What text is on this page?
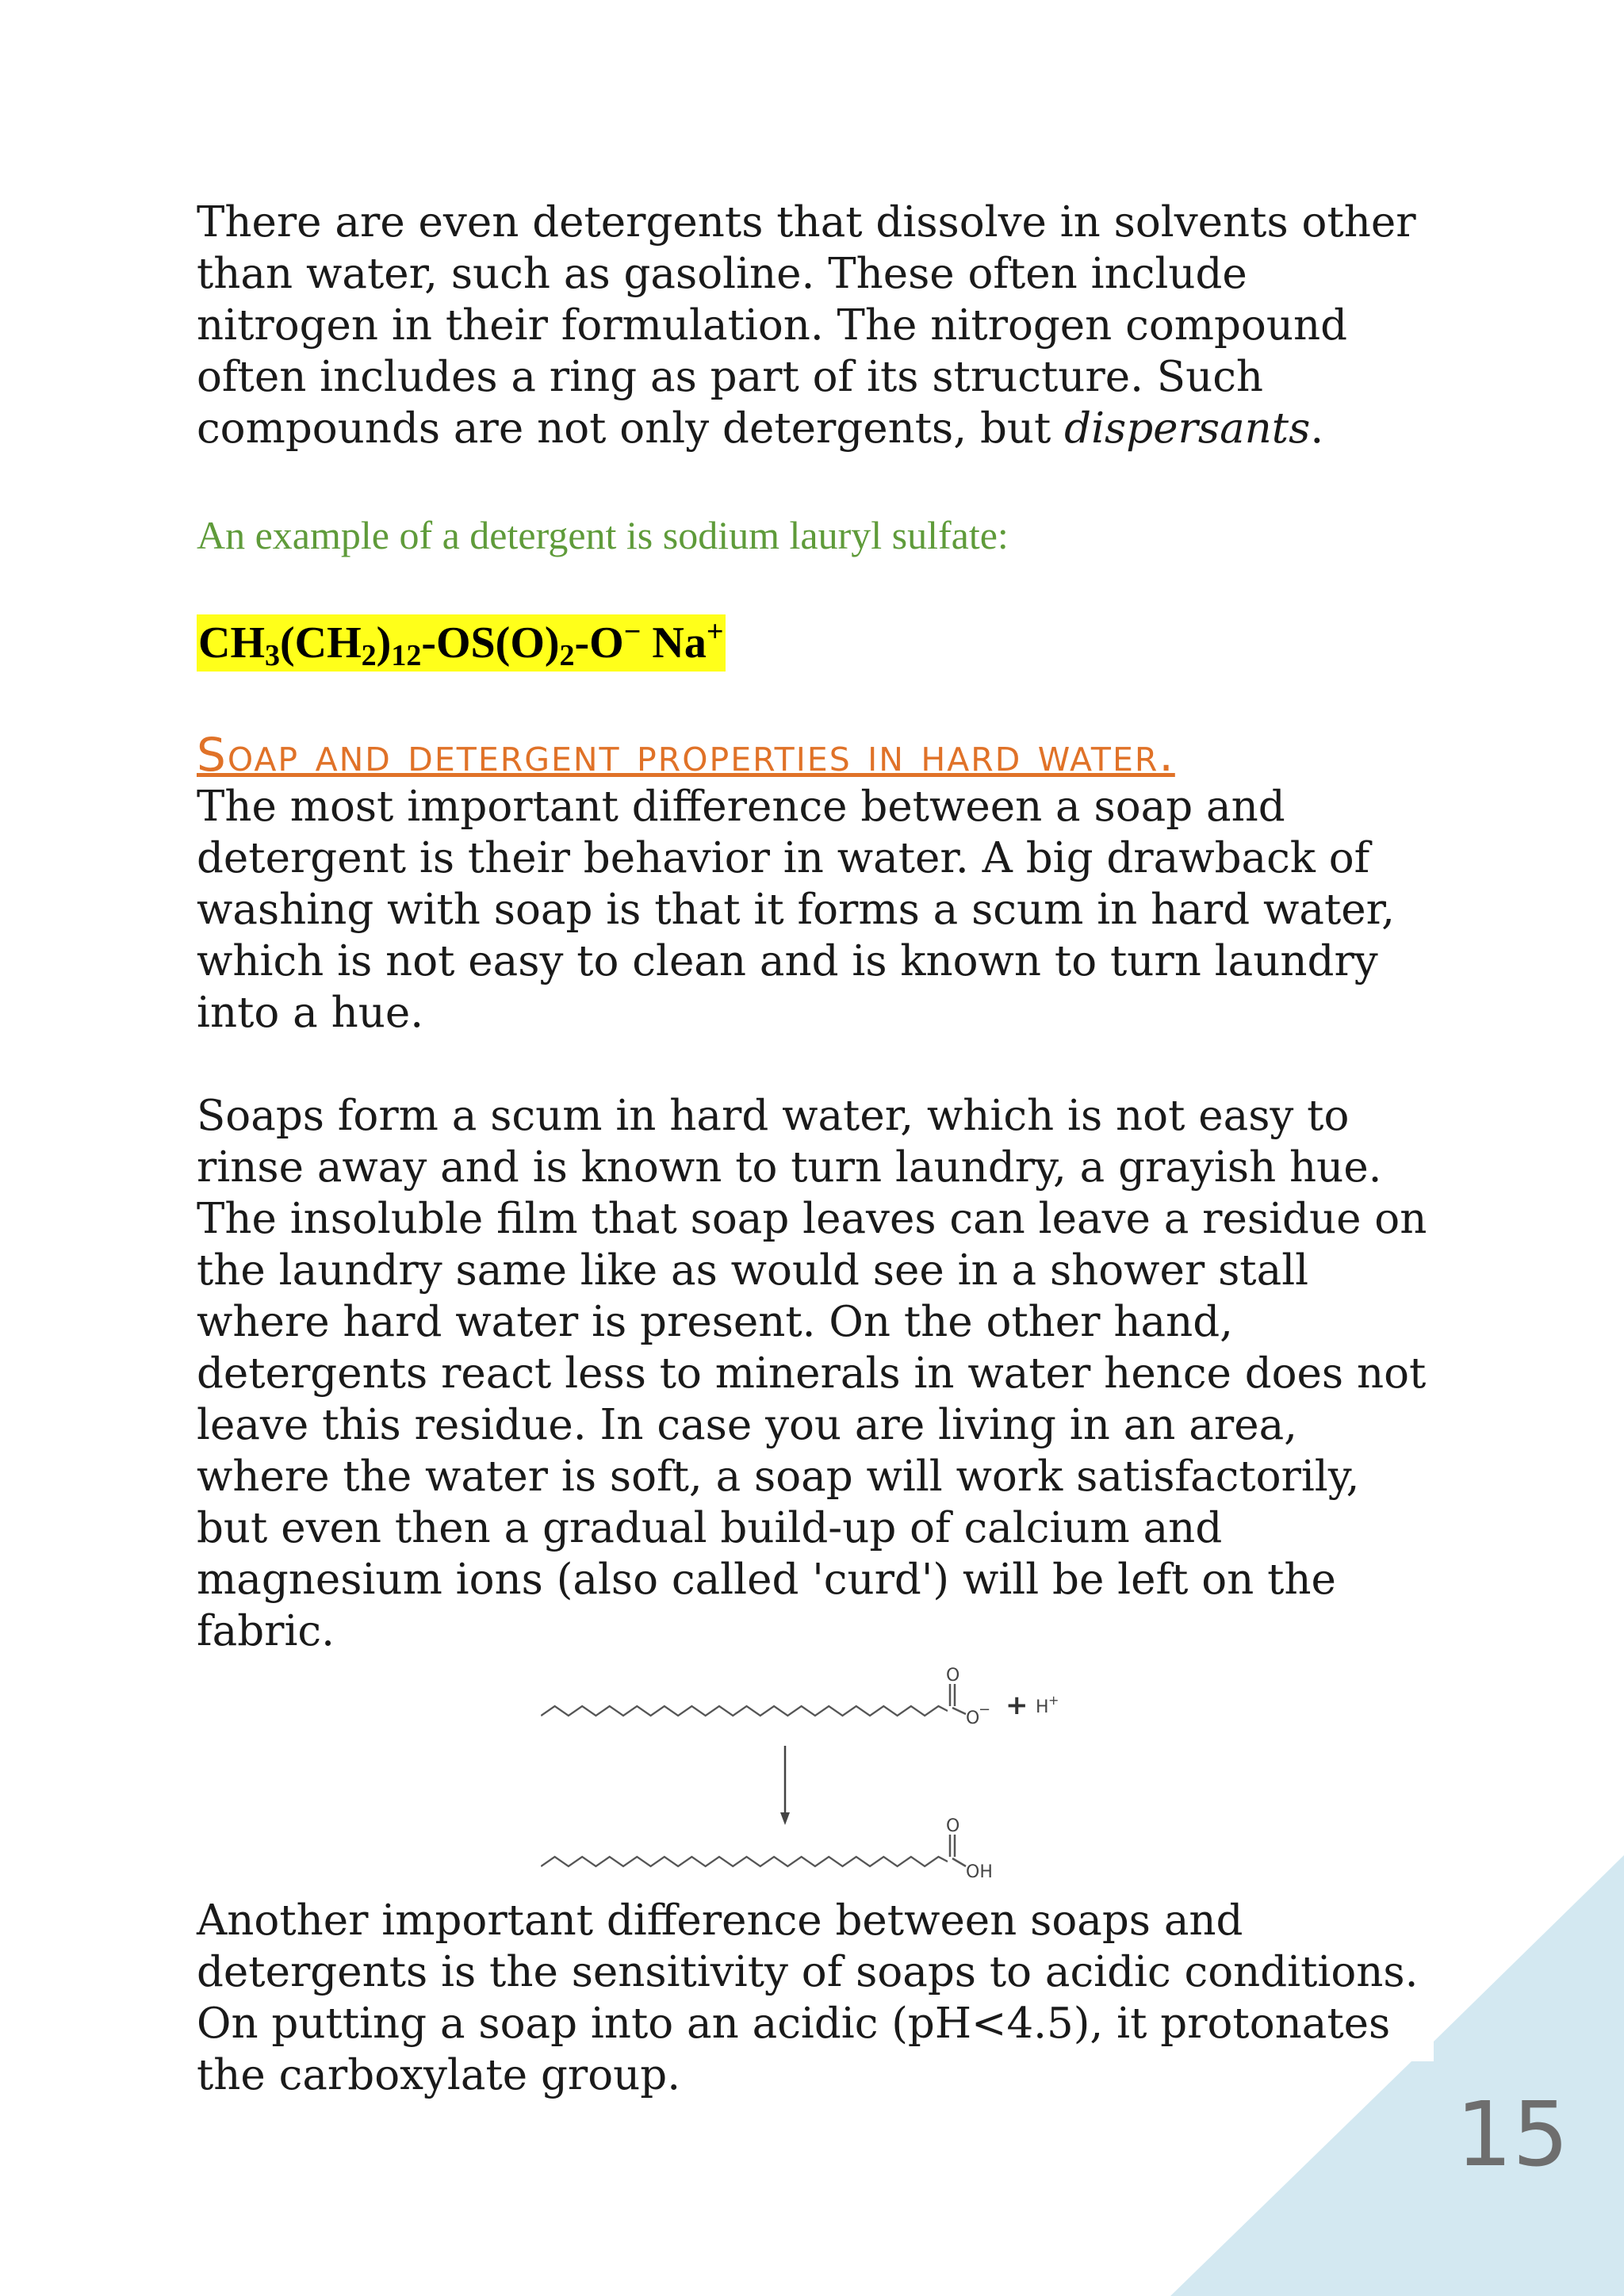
There are even detergents that dissolve in solvents other than water, such as gasoline. These often include nitrogen in their formulation. The nitrogen compound often includes a ring as part of its structure. Such compounds are not only detergents, but dispersants.

An example of a detergent is sodium lauryl sulfate:

$CH_3(CH_2)_{12}-OS(O)_2-O^-$ Na+

Soap and detergent properties in hard water.

The most important difference between a soap and detergent is their behavior in water. A big drawback of washing with soap is that it forms a scum in hard water, which is not easy to clean and is known to turn laundry into a hue.

Soaps form a scum in hard water, which is not easy to rinse away and is known to turn laundry, a grayish hue. The insoluble film that soap leaves can leave a residue on the laundry same like as would see in a shower stall where hard water is present. On the other hand, detergents react less to minerals in water hence does not leave this residue. In case you are living in an area, where the water is soft, a soap will work satisfactorily, but even then a gradual build-up of calcium and magnesium ions (also called 'curd') will be left on the fabric.

O
O
− + H +
O
OH

Another important difference between soaps and detergents is the sensitivity of soaps to acidic conditions. On putting a soap into an acidic (pH<4.5), it protonates the carboxylate group.

15
